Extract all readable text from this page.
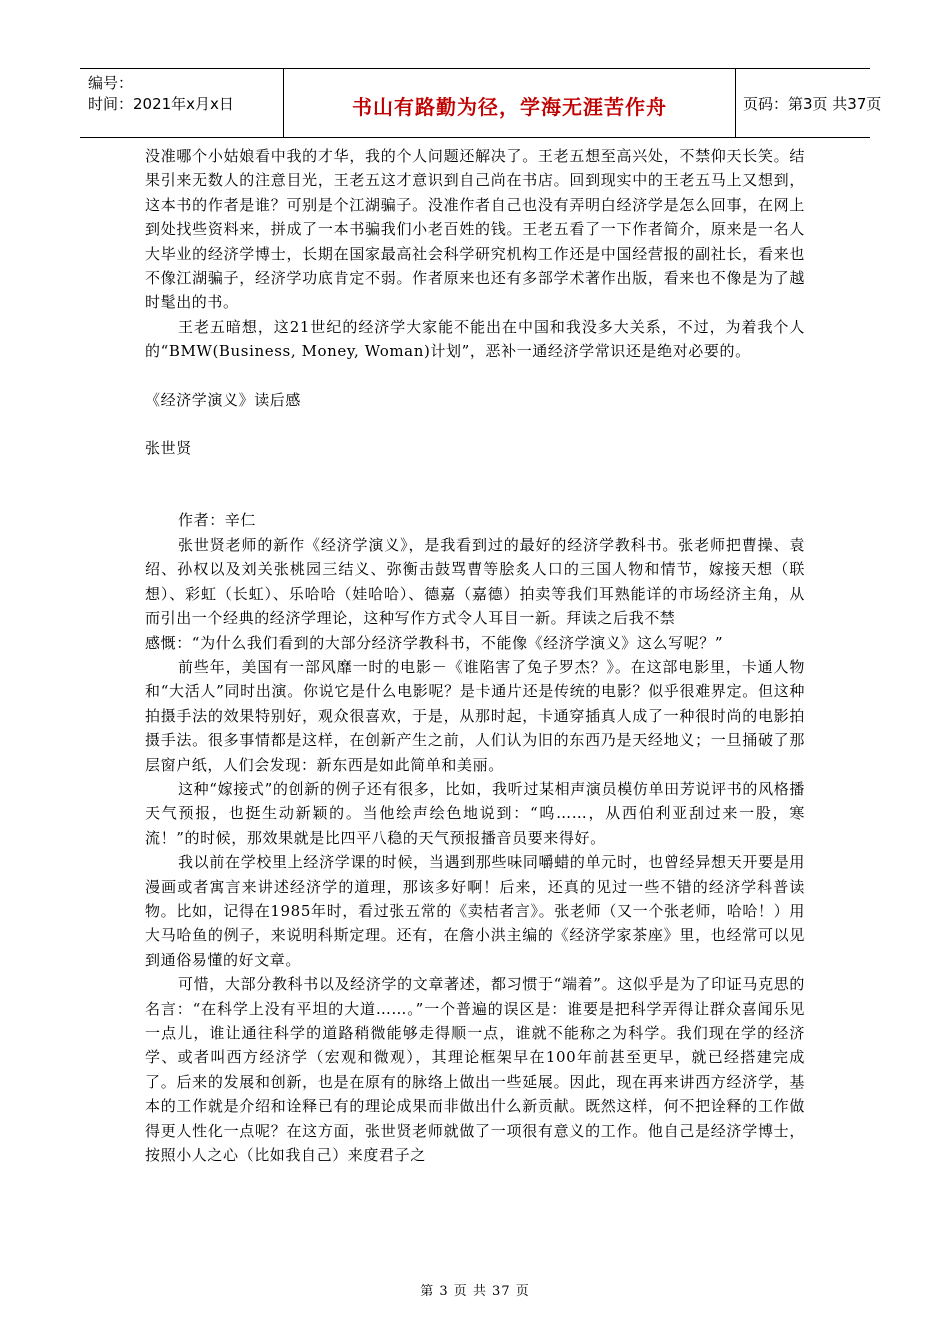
编号：
时间：2021年x月x日	书山有路勤为径，学海无涯苦作舟	页码：第3页 共37页

没准哪个小姑娘看中我的才华，我的个人问题还解决了。王老五想至高兴处，不禁仰天长笑。结果引来无数人的注意目光，王老五这才意识到自己尚在书店。回到现实中的王老五马上又想到，这本书的作者是谁？可别是个江湖骗子。没准作者自己也没有弄明白经济学是怎么回事，在网上到处找些资料来，拼成了一本书骗我们小老百姓的钱。王老五看了一下作者简介，原来是一名人大毕业的经济学博士，长期在国家最高社会科学研究机构工作还是中国经营报的副社长，看来也不像江湖骗子，经济学功底肯定不弱。作者原来也还有多部学术著作出版，看来也不像是为了越时髦出的书。

王老五暗想，这21世纪的经济学大家能不能出在中国和我没多大关系，不过，为着我个人的“BMW(Business, Money, Woman)计划”，恶补一通经济学常识还是绝对必要的。

《经济学演义》读后感

张世贤

作者：辛仁

张世贤老师的新作《经济学演义》，是我看到过的最好的经济学教科书。张老师把曹操、袁绍、孙权以及刘关张桃园三结义、弥衡击鼓骂曹等脍炙人口的三国人物和情节，嫁接天想（联想）、彩虹（长虹）、乐哈哈（娃哈哈）、德嘉（嘉德）拍卖等我们耳熟能详的市场经济主角，从而引出一个经典的经济学理论，这种写作方式令人耳目一新。拜读之后我不禁

感慨：“为什么我们看到的大部分经济学教科书，不能像《经济学演义》这么写呢？”

前些年，美国有一部风靡一时的电影－《谁陷害了兔子罗杰？》。在这部电影里，卡通人物和“大活人”同时出演。你说它是什么电影呢？是卡通片还是传统的电影？似乎很难界定。但这种拍摄手法的效果特别好，观众很喜欢，于是，从那时起，卡通穿插真人成了一种很时尚的电影拍摄手法。很多事情都是这样，在创新产生之前，人们认为旧的东西乃是天经地义；一旦捅破了那层窗户纸，人们会发现：新东西是如此简单和美丽。

这种“嫁接式”的创新的例子还有很多，比如，我听过某相声演员模仿单田芳说评书的风格播天气预报，也挺生动新颖的。当他绘声绘色地说到：“呜……，从西伯利亚刮过来一股，寒流！”的时候，那效果就是比四平八稳的天气预报播音员要来得好。

我以前在学校里上经济学课的时候，当遇到那些味同嚼蜡的单元时，也曾经异想天开要是用漫画或者寓言来讲述经济学的道理，那该多好啊！后来，还真的见过一些不错的经济学科普读物。比如，记得在1985年时，看过张五常的《卖桔者言》。张老师（又一个张老师，哈哈！）用大马哈鱼的例子，来说明科斯定理。还有，在詹小洪主编的《经济学家茶座》里，也经常可以见到通俗易懂的好文章。

可惜，大部分教科书以及经济学的文章著述，都习惯于“端着”。这似乎是为了印证马克思的名言：“在科学上没有平坦的大道……。”一个普遍的误区是：谁要是把科学弄得让群众喜闻乐见一点儿，谁让通往科学的道路稍微能够走得顺一点，谁就不能称之为科学。我们现在学的经济学、或者叫西方经济学（宏观和微观），其理论框架早在100年前甚至更早，就已经搭建完成了。后来的发展和创新，也是在原有的脉络上做出一些延展。因此，现在再来讲西方经济学，基本的工作就是介绍和诠释已有的理论成果而非做出什么新贡献。既然这样，何不把诠释的工作做得更人性化一点呢？在这方面，张世贤老师就做了一项很有意义的工作。他自己是经济学博士，按照小人之心（比如我自己）来度君子之

第 3 页 共 37 页
